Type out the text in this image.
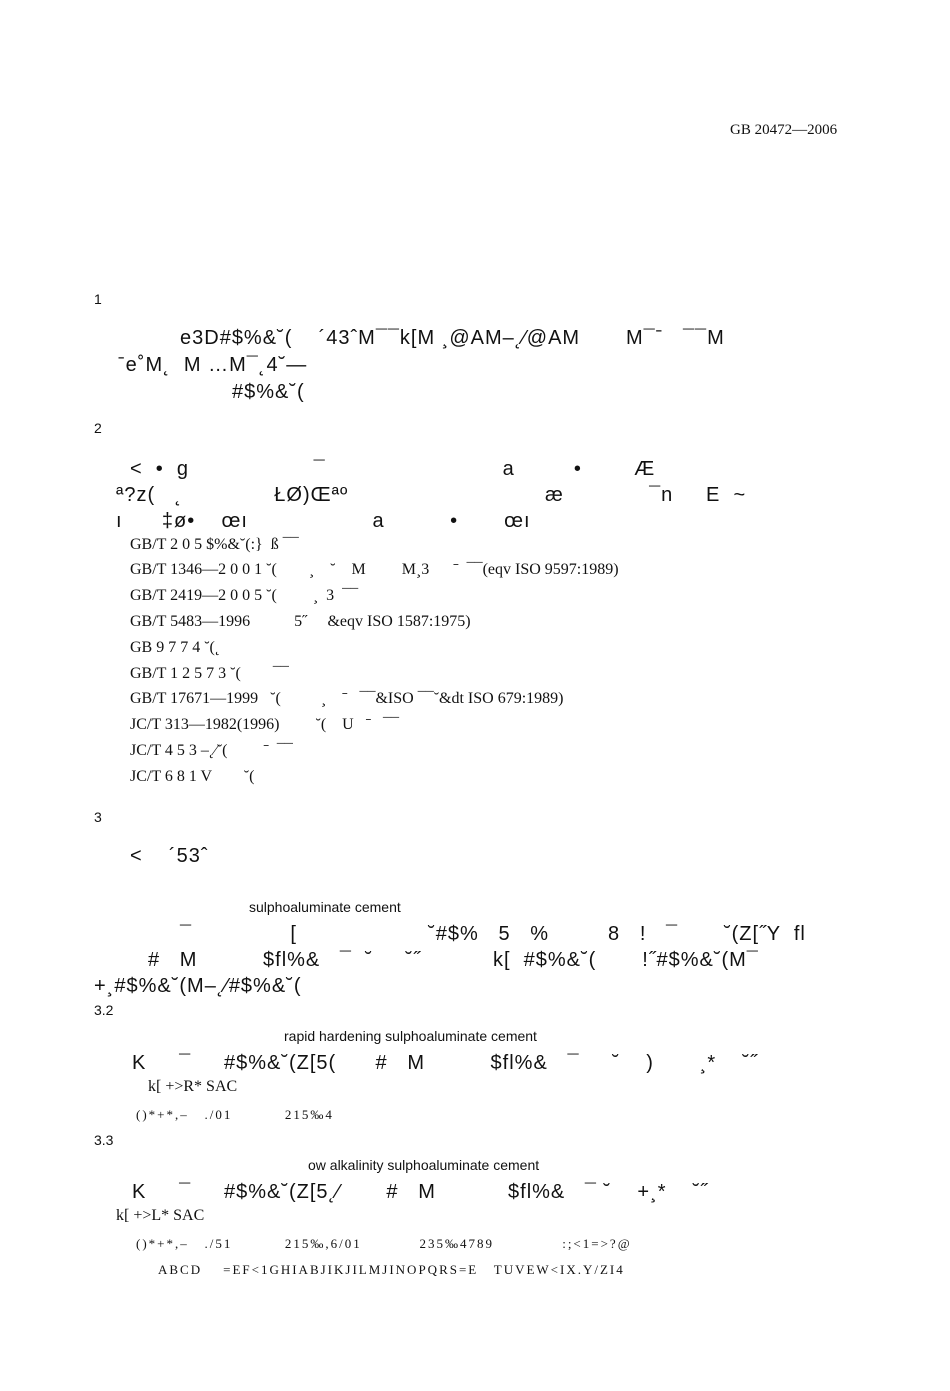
GB 20472—2006
1
e3D#$%&˘(    ´43ˆM¯¯k[M ¸@AM–˛⁄@AM       M¯ˉ   ¯¯M
ˉe˚M˛  M …M¯˛4˘—
#$%&˘(
2
<  •  g                   ¯                           a         •        Æ
ª?z(   ˛              ŁØ)Œªº                              æ             ¯n     E  ~
ı      ‡ø•    œı                   a          •       œı
GB/T 2 0 5 $%&˘(:}  ß ¯¯
GB/T 1346—2 0 0 1 ˘(        ¸    ˘    M         M¸3      ˉ  ¯¯(eqv ISO 9597:1989)
GB/T 2419—2 0 0 5 ˘(         ¸  3  ¯¯
GB/T 5483—1996           5˝     &eqv ISO 1587:1975)
GB 9 7 7 4 ˘(˛
GB/T 1 2 5 7 3 ˘(        ¯¯
GB/T 17671—1999   ˘(          ¸    ˉ   ¯¯&ISO ¯¯˘&dt ISO 679:1989)
JC/T 313—1982(1996)         ˘(    U   ˉ   ¯¯
JC/T 4 5 3 –˛⁄˘(         ˉ  ¯¯
JC/T 6 8 1 V        ˘(
3
<    ´53ˆ
sulphoaluminate cement
¯               [                    ˘#$%   5   %         8   !   ¯       ˘(Z[˝Y  fl
#   M          $fl%&   ¯  ˘     ˘˝           k[  #$%&˘(       !˝#$%&˘(M¯
+¸#$%&˘(M–˛⁄#$%&˘(
3.2
rapid hardening sulphoaluminate cement
K     ¯     #$%&˘(Z[5(      #   M          $fl%&   ¯     ˘    )       ¸*    ˘˝
k[ +>R* SAC
()*+*,–   ./01          215‰4
3.3
ow alkalinity sulphoaluminate cement
K     ¯     #$%&˘(Z[5˛⁄       #   M           $fl%&   ¯ ˘    +¸*    ˘˝
k[ +>L* SAC
()*+*,–   ./51          215‰,6/01           235‰4789             :;<1=>?@
ABCD    =EF<1GHIABJIKJILMJINOPQRS=E   TUVEW<IX.Y/ZI4
